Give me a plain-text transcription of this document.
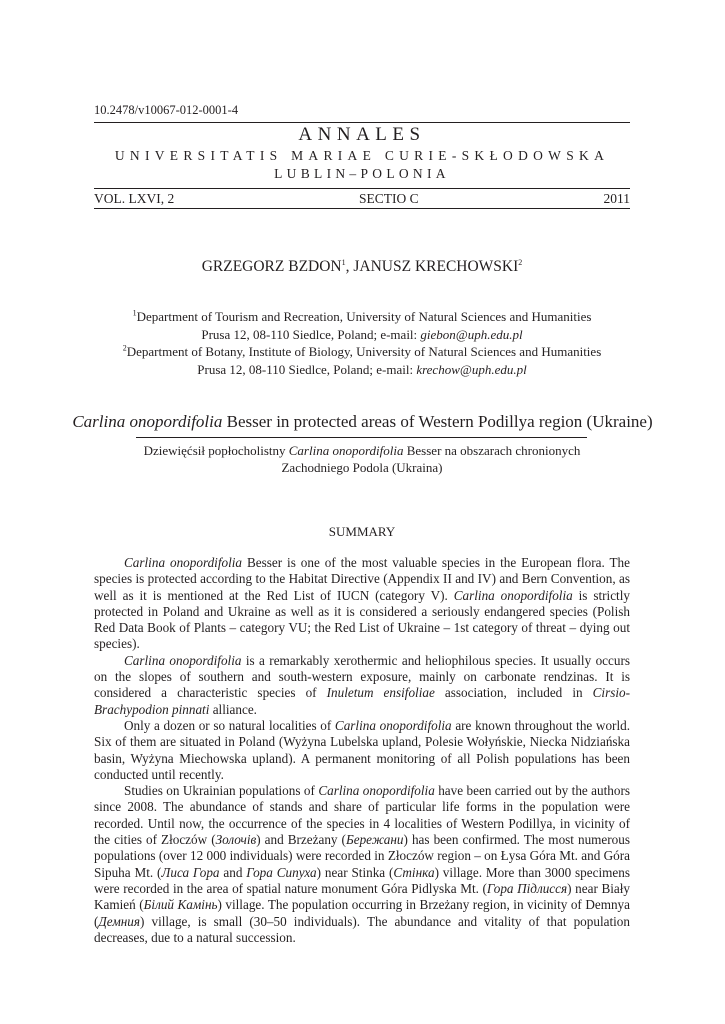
10.2478/v10067-012-0001-4
ANNALES
UNIVERSITATIS MARIAE CURIE-SKŁODOWSKA
LUBLIN–POLONIA
VOL. LXVI, 2	SECTIO C	2011
GRZEGORZ BZDON$^1$, JANUSZ KRECHOWSKI$^2$
$^1$Department of Tourism and Recreation, University of Natural Sciences and Humanities
Prusa 12, 08-110 Siedlce, Poland; e-mail: giebon@uph.edu.pl
$^2$Department of Botany, Institute of Biology, University of Natural Sciences and Humanities
Prusa 12, 08-110 Siedlce, Poland; e-mail: krechow@uph.edu.pl
Carlina onopordifolia Besser in protected areas of Western Podillya region (Ukraine)
Dziewięćsił popłocholistny Carlina onopordifolia Besser na obszarach chronionych
Zachodniego Podola (Ukraina)
SUMMARY

Carlina onopordifolia Besser is one of the most valuable species in the European flora. The species is protected according to the Habitat Directive (Appendix II and IV) and Bern Convention, as well as it is mentioned at the Red List of IUCN (category V). Carlina onopordifolia is strictly protected in Poland and Ukraine as well as it is considered a seriously endangered species (Polish Red Data Book of Plants – category VU; the Red List of Ukraine – 1st category of threat – dying out species).

Carlina onopordifolia is a remarkably xerothermic and heliophilous species. It usually occurs on the slopes of southern and south-western exposure, mainly on carbonate rendzinas. It is considered a characteristic species of Inuletum ensifoliae association, included in Cirsio-Brachypodion pinnati alliance.

Only a dozen or so natural localities of Carlina onopordifolia are known throughout the world. Six of them are situated in Poland (Wyżyna Lubelska upland, Polesie Wołyńskie, Niecka Nidziańska basin, Wyżyna Miechowska upland). A permanent monitoring of all Polish populations has been conducted until recently.

Studies on Ukrainian populations of Carlina onopordifolia have been carried out by the authors since 2008. The abundance of stands and share of particular life forms in the population were recorded. Until now, the occurrence of the species in 4 localities of Western Podillya, in vicinity of the cities of Złoczów (Золочів) and Brzeżany (Бережани) has been confirmed. The most numerous populations (over 12 000 individuals) were recorded in Złoczów region – on Łysa Góra Mt. and Góra Sipuha Mt. (Лиса Гора and Гора Сипуха) near Stinka (Стінка) village. More than 3000 specimens were recorded in the area of spatial nature monument Góra Pidlyska Mt. (Гора Підлисся) near Biały Kamień (Білий Камінь) village. The population occurring in Brzeżany region, in vicinity of Demnya (Демния) village, is small (30–50 individuals). The abundance and vitality of that population decreases, due to a natural succession.
